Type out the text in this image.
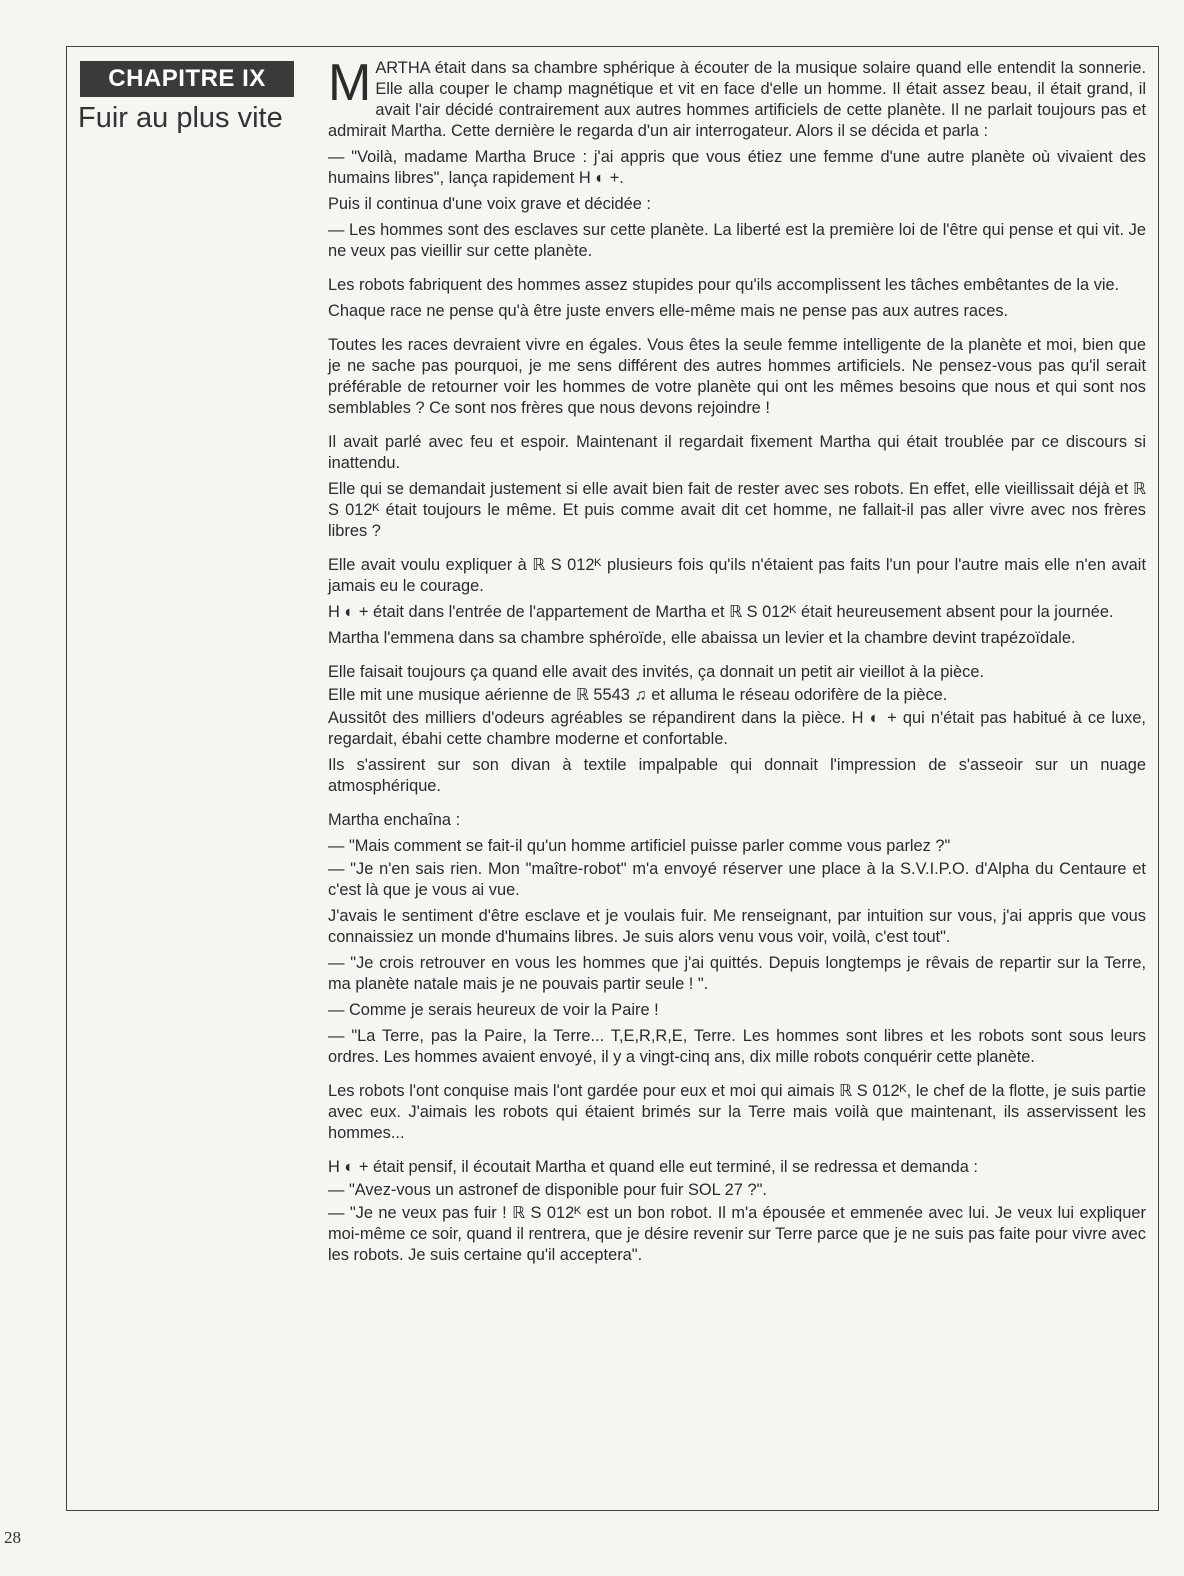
CHAPITRE IX
Fuir au plus vite

MARTHA était dans sa chambre sphérique à écouter de la musique solaire quand elle entendit la sonnerie. Elle alla couper le champ magnétique et vit en face d'elle un homme. Il était assez beau, il était grand, il avait l'air décidé contrairement aux autres hommes artificiels de cette planète. Il ne parlait toujours pas et admirait Martha. Cette dernière le regarda d'un air interrogateur. Alors il se décida et parla :

— "Voilà, madame Martha Bruce : j'ai appris que vous étiez une femme d'une autre planète où vivaient des humains libres", lança rapidement H ◐ +.

Puis il continua d'une voix grave et décidée :

— Les hommes sont des esclaves sur cette planète. La liberté est la première loi de l'être qui pense et qui vit. Je ne veux pas vieillir sur cette planète.

Les robots fabriquent des hommes assez stupides pour qu'ils accomplissent les tâches embêtantes de la vie.

Chaque race ne pense qu'à être juste envers elle-même mais ne pense pas aux autres races.

Toutes les races devraient vivre en égales. Vous êtes la seule femme intelligente de la planète et moi, bien que je ne sache pas pourquoi, je me sens différent des autres hommes artificiels. Ne pensez-vous pas qu'il serait préférable de retourner voir les hommes de votre planète qui ont les mêmes besoins que nous et qui sont nos semblables ? Ce sont nos frères que nous devons rejoindre !

Il avait parlé avec feu et espoir. Maintenant il regardait fixement Martha qui était troublée par ce discours si inattendu.

Elle qui se demandait justement si elle avait bien fait de rester avec ses robots. En effet, elle vieillissait déjà et ℝ S 012ᴷ était toujours le même. Et puis comme avait dit cet homme, ne fallait-il pas aller vivre avec nos frères libres ?

Elle avait voulu expliquer à ℝ S 012ᴷ plusieurs fois qu'ils n'étaient pas faits l'un pour l'autre mais elle n'en avait jamais eu le courage.

H ◐ + était dans l'entrée de l'appartement de Martha et ℝ S 012ᴷ était heureusement absent pour la journée.

Martha l'emmena dans sa chambre sphéroïde, elle abaissa un levier et la chambre devint trapézoïdale.

Elle faisait toujours ça quand elle avait des invités, ça donnait un petit air vieillot à la pièce.

Elle mit une musique aérienne de ℝ 5543 ♫ et alluma le réseau odorifère de la pièce.

Aussitôt des milliers d'odeurs agréables se répandirent dans la pièce. H ◐ + qui n'était pas habitué à ce luxe, regardait, ébahi cette chambre moderne et confortable.

Ils s'assirent sur son divan à textile impalpable qui donnait l'impression de s'asseoir sur un nuage atmosphérique.

Martha enchaîna :

— "Mais comment se fait-il qu'un homme artificiel puisse parler comme vous parlez ?"

— "Je n'en sais rien. Mon "maître-robot" m'a envoyé réserver une place à la S.V.I.P.O. d'Alpha du Centaure et c'est là que je vous ai vue.

J'avais le sentiment d'être esclave et je voulais fuir. Me renseignant, par intuition sur vous, j'ai appris que vous connaissiez un monde d'humains libres. Je suis alors venu vous voir, voilà, c'est tout".

— "Je crois retrouver en vous les hommes que j'ai quittés. Depuis longtemps je rêvais de repartir sur la Terre, ma planète natale mais je ne pouvais partir seule ! ".

— Comme je serais heureux de voir la Paire !

— "La Terre, pas la Paire, la Terre... T,E,R,R,E, Terre. Les hommes sont libres et les robots sont sous leurs ordres. Les hommes avaient envoyé, il y a vingt-cinq ans, dix mille robots conquérir cette planète.

Les robots l'ont conquise mais l'ont gardée pour eux et moi qui aimais ℝ S 012ᴷ, le chef de la flotte, je suis partie avec eux. J'aimais les robots qui étaient brimés sur la Terre mais voilà que maintenant, ils asservissent les hommes...

H ◐ + était pensif, il écoutait Martha et quand elle eut terminé, il se redressa et demanda :

— "Avez-vous un astronef de disponible pour fuir SOL 27 ?".

— "Je ne veux pas fuir ! ℝ S 012ᴷ est un bon robot. Il m'a épousée et emmenée avec lui. Je veux lui expliquer moi-même ce soir, quand il rentrera, que je désire revenir sur Terre parce que je ne suis pas faite pour vivre avec les robots. Je suis certaine qu'il acceptera".

28
